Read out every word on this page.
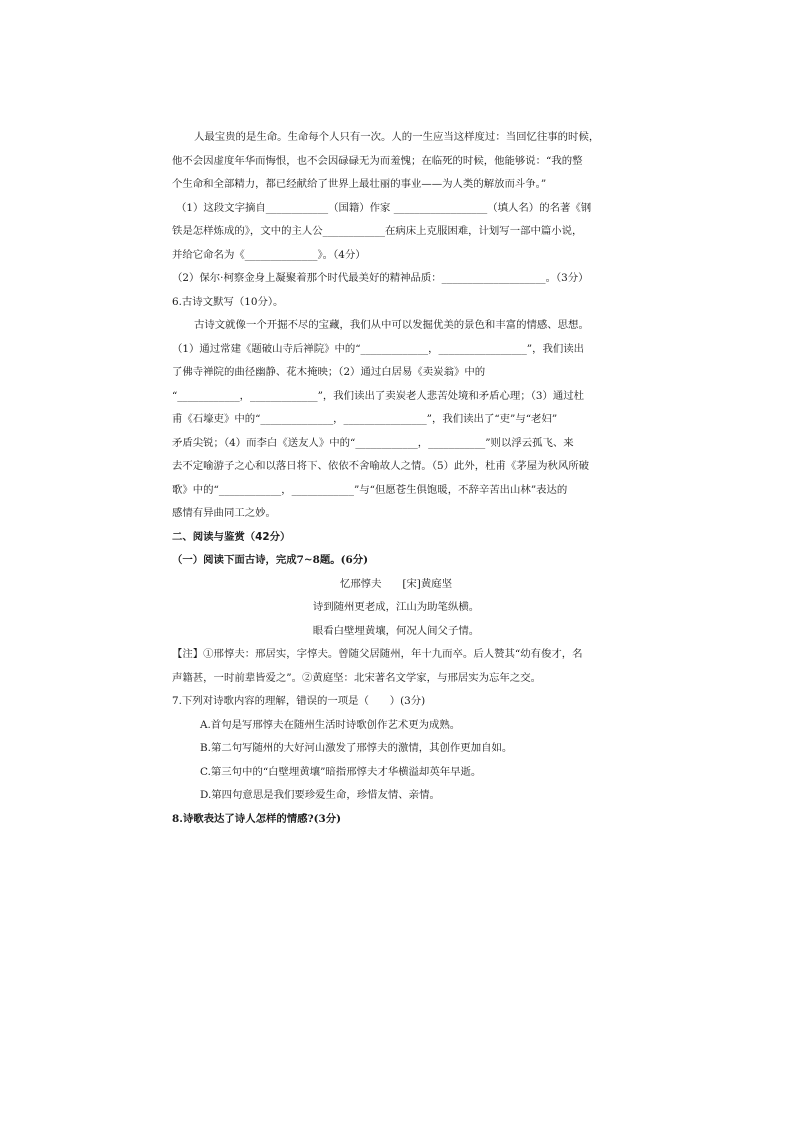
人最宝贵的是生命。生命每个人只有一次。人的一生应当这样度过：当回忆往事的时候，

他不会因虚度年华而悔恨，也不会因碌碌无为而羞愧；在临死的时候，他能够说：“我的整

个生命和全部精力，都已经献给了世界上最壮丽的事业——为人类的解放而斗争。”

（1）这段文字摘自____________（国籍）作家 __________________（填人名）的名著《钢

铁是怎样炼成的》，文中的主人公____________在病床上克服困难，计划写一部中篇小说，

并给它命名为《______________》。（4分）

（2）保尔·柯察金身上凝聚着那个时代最美好的精神品质：____________________。（3分）

6.古诗文默写（10分）。

古诗文就像一个开掘不尽的宝藏，我们从中可以发掘优美的景色和丰富的情感、思想。

（1）通过常建《题破山寺后禅院》中的“_____________，_________________”，我们读出

了佛寺禅院的曲径幽静、花木掩映；（2）通过白居易《卖炭翁》中的

“____________，_____________”，我们读出了卖炭老人悲苦处境和矛盾心理；（3）通过杜

甫《石壕吏》中的“______________，________________”，我们读出了“吏”与“老妇”

矛盾尖锐；（4）而李白《送友人》中的“____________，___________”则以浮云孤飞、来

去不定喻游子之心和以落日将下、依依不舍喻故人之情。（5）此外，杜甫《茅屋为秋风所破

歌》中的“____________，____________”与“但愿苍生俱饱暖，不辞辛苦出山林”表达的

感情有异曲同工之妙。

二、阅读与鉴赏（42分）

（一）阅读下面古诗，完成7~8题。(6分)

忆邢惇夫　　[宋]黄庭坚

诗到随州更老成，江山为助笔纵横。

眼看白壁埋黄壤，何况人间父子情。

【注】①邢惇夫：邢居实，字惇夫。曾随父居随州，年十九而卒。后人赞其“幼有俊才，名

声籍甚，一时前辈皆爱之”。②黄庭坚：北宋著名文学家，与邢居实为忘年之交。

7.下列对诗歌内容的理解，错误的一项是（　　）(3分)

A.首句是写邢惇夫在随州生活时诗歌创作艺术更为成熟。

B.第二句写随州的大好河山激发了邢惇夫的激情，其创作更加自如。

C.第三句中的“白壁埋黄壤”暗指邢惇夫才华横溢却英年早逝。

D.第四句意思是我们要珍爱生命，珍惜友情、亲情。

8.诗歌表达了诗人怎样的情感?(3分)
